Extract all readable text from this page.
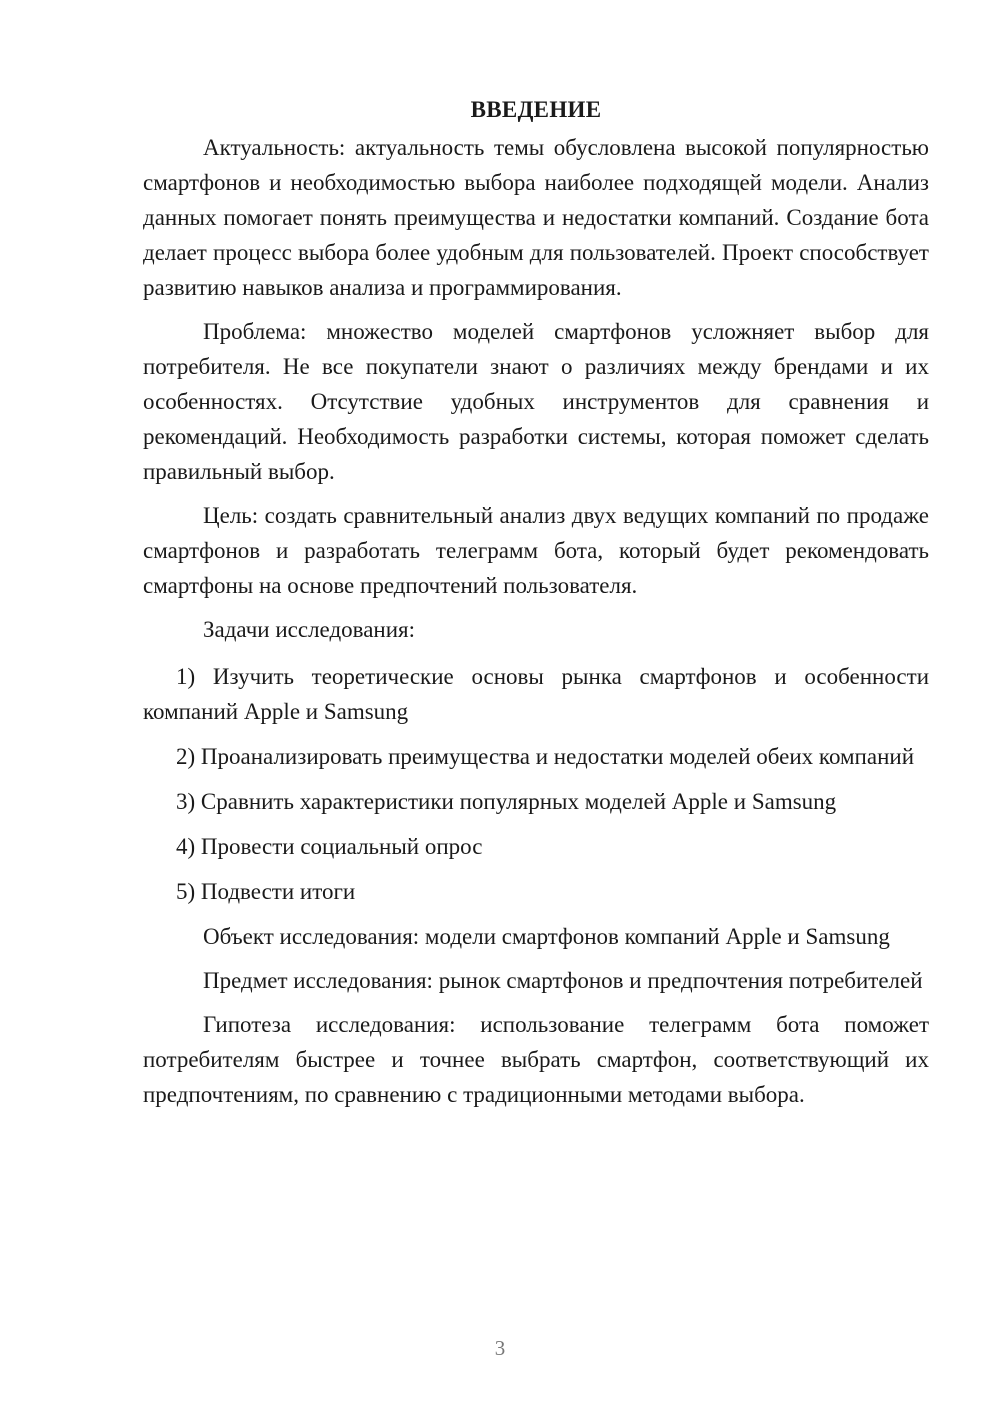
ВВЕДЕНИЕ

Актуальность: актуальность темы обусловлена высокой популярностью смартфонов и необходимостью выбора наиболее подходящей модели. Анализ данных помогает понять преимущества и недостатки компаний. Создание бота делает процесс выбора более удобным для пользователей. Проект способствует развитию навыков анализа и программирования.

Проблема: множество моделей смартфонов усложняет выбор для потребителя. Не все покупатели знают о различиях между брендами и их особенностях. Отсутствие удобных инструментов для сравнения и рекомендаций. Необходимость разработки системы, которая поможет сделать правильный выбор.

Цель: создать сравнительный анализ двух ведущих компаний по продаже смартфонов и разработать телеграмм бота, который будет рекомендовать смартфоны на основе предпочтений пользователя.

Задачи исследования:

1) Изучить теоретические основы рынка смартфонов и особенности компаний Apple и Samsung

2) Проанализировать преимущества и недостатки моделей обеих компаний

3) Сравнить характеристики популярных моделей Apple и Samsung

4) Провести социальный опрос

5) Подвести итоги

Объект исследования: модели смартфонов компаний Apple и Samsung

Предмет исследования: рынок смартфонов и предпочтения потребителей

Гипотеза исследования: использование телеграмм бота поможет потребителям быстрее и точнее выбрать смартфон, соответствующий их предпочтениям, по сравнению с традиционными методами выбора.

3
